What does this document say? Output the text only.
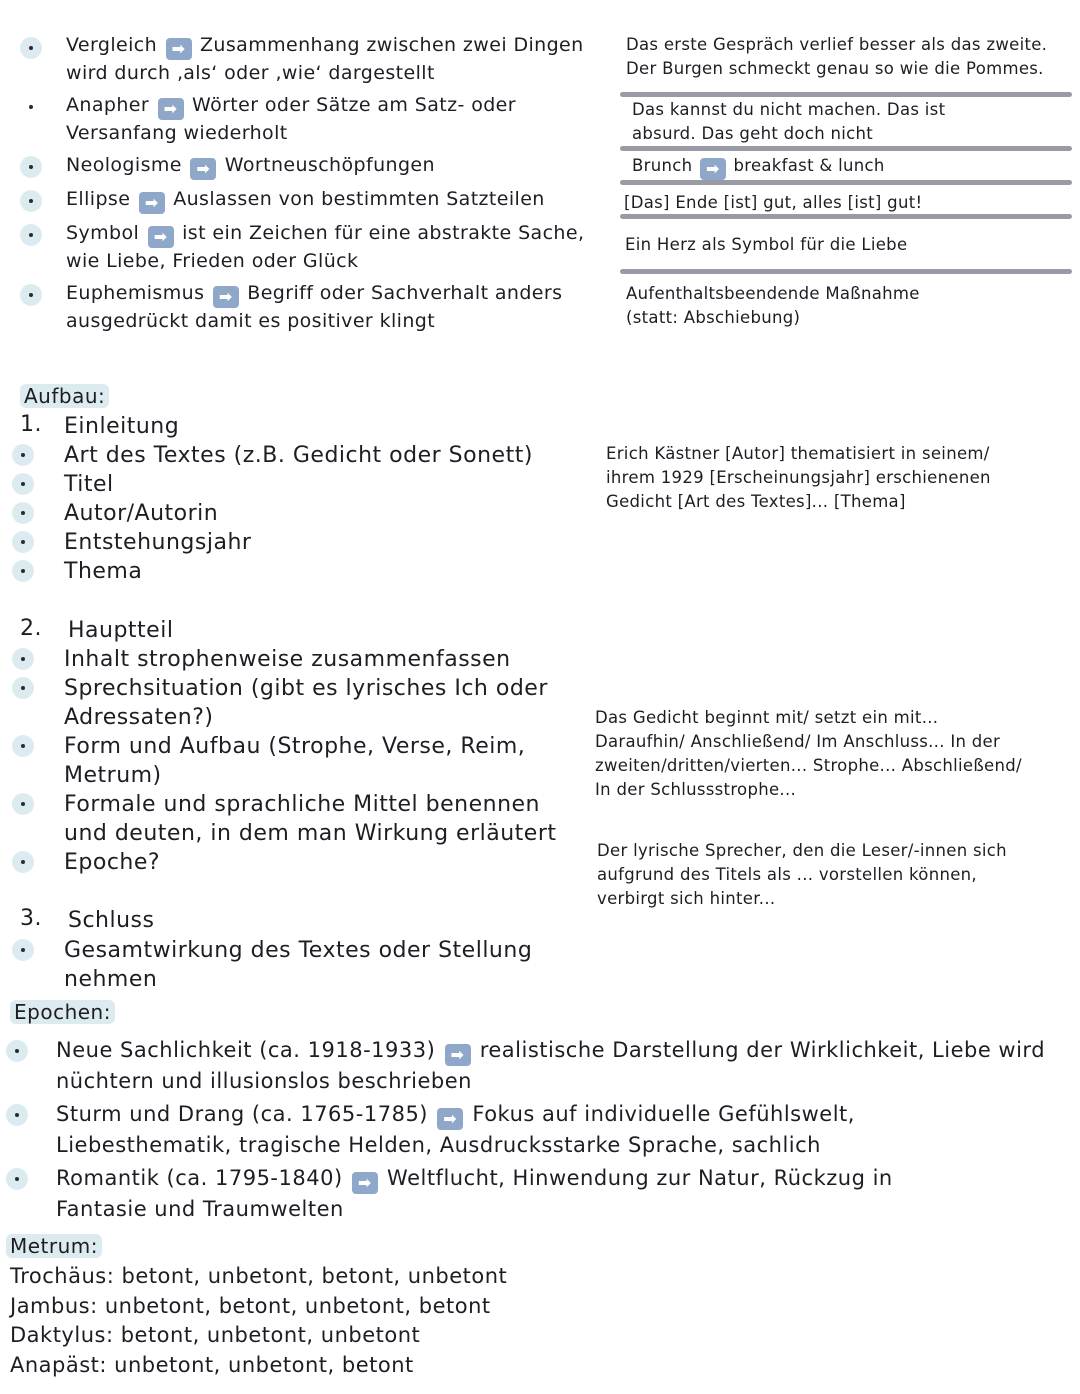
Vergleich ➡ Zusammenhang zwischen zwei Dingen wird durch ‚als‘ oder ‚wie‘ dargestellt
Das erste Gespräch verlief besser als das zweite. Der Burgen schmeckt genau so wie die Pommes.
Anapher ➡ Wörter oder Sätze am Satz- oder Versanfang wiederholt
Das kannst du nicht machen. Das ist absurd. Das geht doch nicht
Neologisme ➡ Wortneuschöpfungen	Brunch ➡ breakfast & lunch
Ellipse ➡ Auslassen von bestimmten Satzteilen	[Das] Ende [ist] gut, alles [ist] gut!
Symbol ➡ ist ein Zeichen für eine abstrakte Sache, wie Liebe, Frieden oder Glück
Ein Herz als Symbol für die Liebe
Euphemismus ➡ Begriff oder Sachverhalt anders ausgedrückt damit es positiver klingt
Aufenthaltsbeendende Maßnahme (statt: Abschiebung)
Aufbau:
1. Einleitung
Art des Textes (z.B. Gedicht oder Sonett)
Titel
Autor/Autorin
Entstehungsjahr
Thema
Erich Kästner [Autor] thematisiert in seinem/ ihrem 1929 [Erscheinungsjahr] erschienenen Gedicht [Art des Textes]... [Thema]
2. Hauptteil
Inhalt strophenweise zusammenfassen
Sprechsituation (gibt es lyrisches Ich oder Adressaten?)
Form und Aufbau (Strophe, Verse, Reim, Metrum)
Formale und sprachliche Mittel benennen und deuten, in dem man Wirkung erläutert
Epoche?
Das Gedicht beginnt mit/ setzt ein mit... Daraufhin/ Anschließend/ Im Anschluss... In der zweiten/dritten/vierten... Strophe... Abschließend/ In der Schlussstrophe...
Der lyrische Sprecher, den die Leser/-innen sich aufgrund des Titels als ... vorstellen können, verbirgt sich hinter...
3. Schluss
Gesamtwirkung des Textes oder Stellung nehmen
Epochen:
Neue Sachlichkeit (ca. 1918-1933) ➡ realistische Darstellung der Wirklichkeit, Liebe wird nüchtern und illusionslos beschrieben
Sturm und Drang (ca. 1765-1785) ➡ Fokus auf individuelle Gefühlswelt, Liebesthematik, tragische Helden, Ausdrucksstarke Sprache, sachlich
Romantik (ca. 1795-1840) ➡ Weltflucht, Hinwendung zur Natur, Rückzug in Fantasie und Traumwelten
Metrum:
Trochäus: betont, unbetont, betont, unbetont
Jambus: unbetont, betont, unbetont, betont
Daktylus: betont, unbetont, unbetont
Anapäst: unbetont, unbetont, betont
